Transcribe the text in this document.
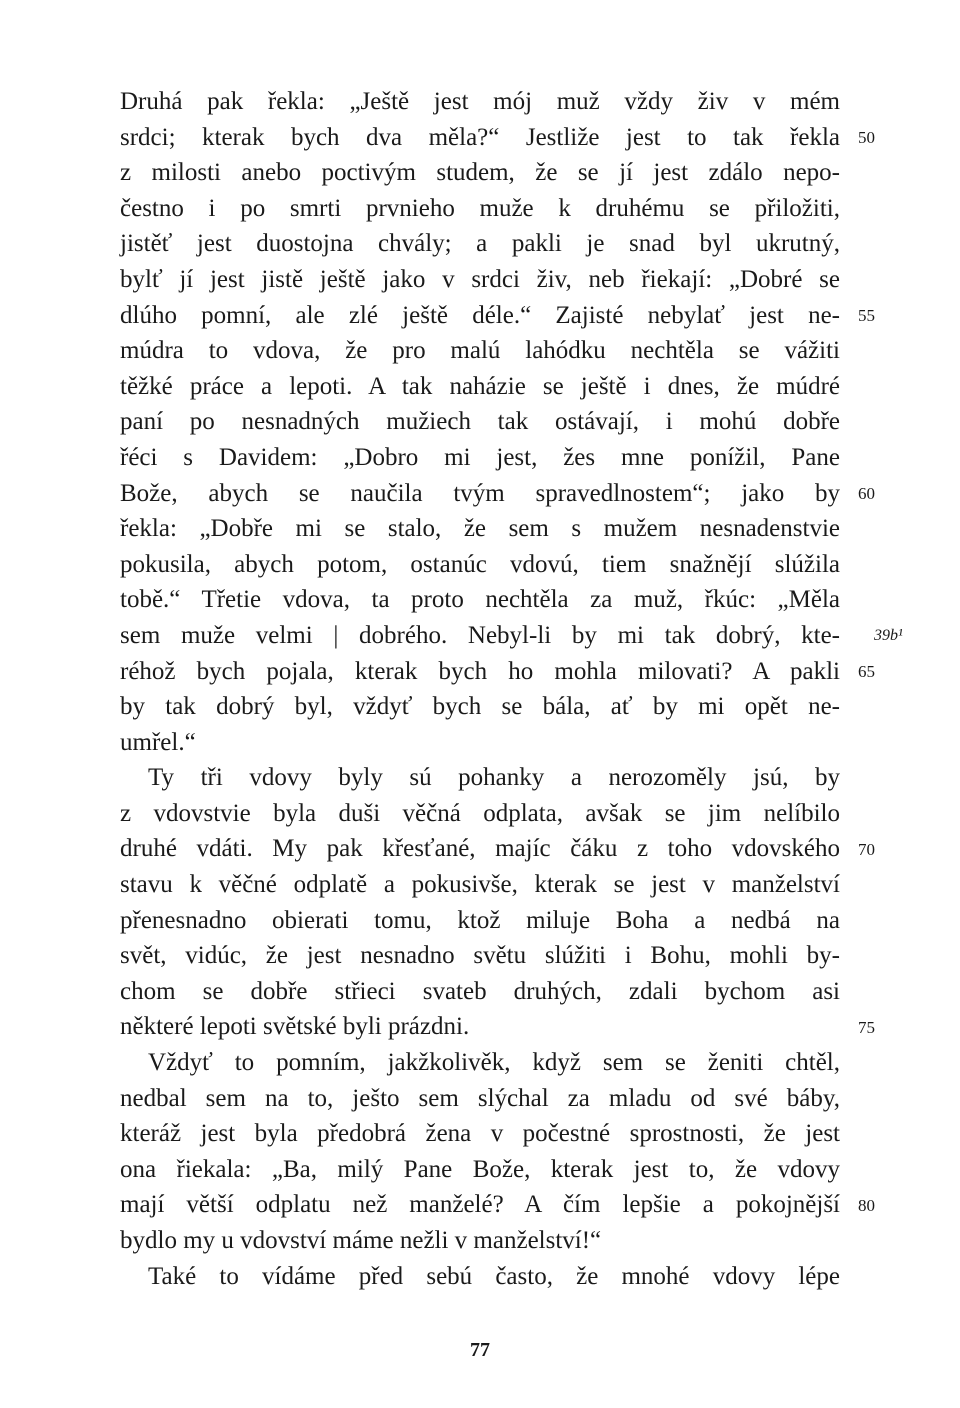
Druhá pak řekla: „Ještě jest mój muž vždy živ v mém
srdci; kterak bych dva měla?“ Jestliže jest to tak řekla
z milosti anebo poctivým studem, že se jí jest zdálo nepo-
čestno i po smrti prvnieho muže k druhému se přiložiti,
jistěť jest duostojna chvály; a pakli je snad byl ukrutný,
bylť jí jest jistě ještě jako v srdci živ, neb řiekají: „Dobré se
dlúho pomní, ale zlé ještě déle.“ Zajisté nebylať jest ne-
múdra to vdova, že pro malú lahódku nechtěla se vážiti
těžké práce a lepoti. A tak naházie se ještě i dnes, že múdré
paní po nesnadných mužiech tak ostávají, i mohú dobře
řéci s Davidem: „Dobro mi jest, žes mne ponížil, Pane
Bože, abych se naučila tvým spravedlnostem“; jako by
řekla: „Dobře mi se stalo, že sem s mužem nesnadenstvie
pokusila, abych potom, ostanúc vdovú, tiem snažnějí slúžila
tobě.“ Třetie vdova, ta proto nechtěla za muž, řkúc: „Měla
sem muže velmi | dobrého. Nebyl-li by mi tak dobrý, kte-
réhož bych pojala, kterak bych ho mohla milovati? A pakli
by tak dobrý byl, vždyť bych se bála, ať by mi opět ne-
umřel.“
Ty tři vdovy byly sú pohanky a nerozoměly jsú, by
z vdovstvie byla duši věčná odplata, avšak se jim nelíbilo
druhé vdáti. My pak křesťané, majíc čáku z toho vdovského
stavu k věčné odplatě a pokusivše, kterak se jest v manželství
přenesnadno obierati tomu, ktož miluje Boha a nedbá na
svět, vidúc, že jest nesnadno světu slúžiti i Bohu, mohli by-
chom se dobře střieci svateb druhých, zdali bychom asi
některé lepoti světské byli prázdni.
Vždyť to pomním, jakžkolivěk, když sem se ženiti chtěl,
nedbal sem na to, ješto sem slýchal za mladu od své báby,
kteráž jest byla předobrá žena v počestné sprostnosti, že jest
ona řiekala: „Ba, milý Pane Bože, kterak jest to, že vdovy
mají větší odplatu než manželé? A čím lepšie a pokojnější
bydlo my u vdovství máme nežli v manželství!“
Také to vídáme před sebú často, že mnohé vdovy lépe
50
55
60
39b¹
65
70
75
80
77
